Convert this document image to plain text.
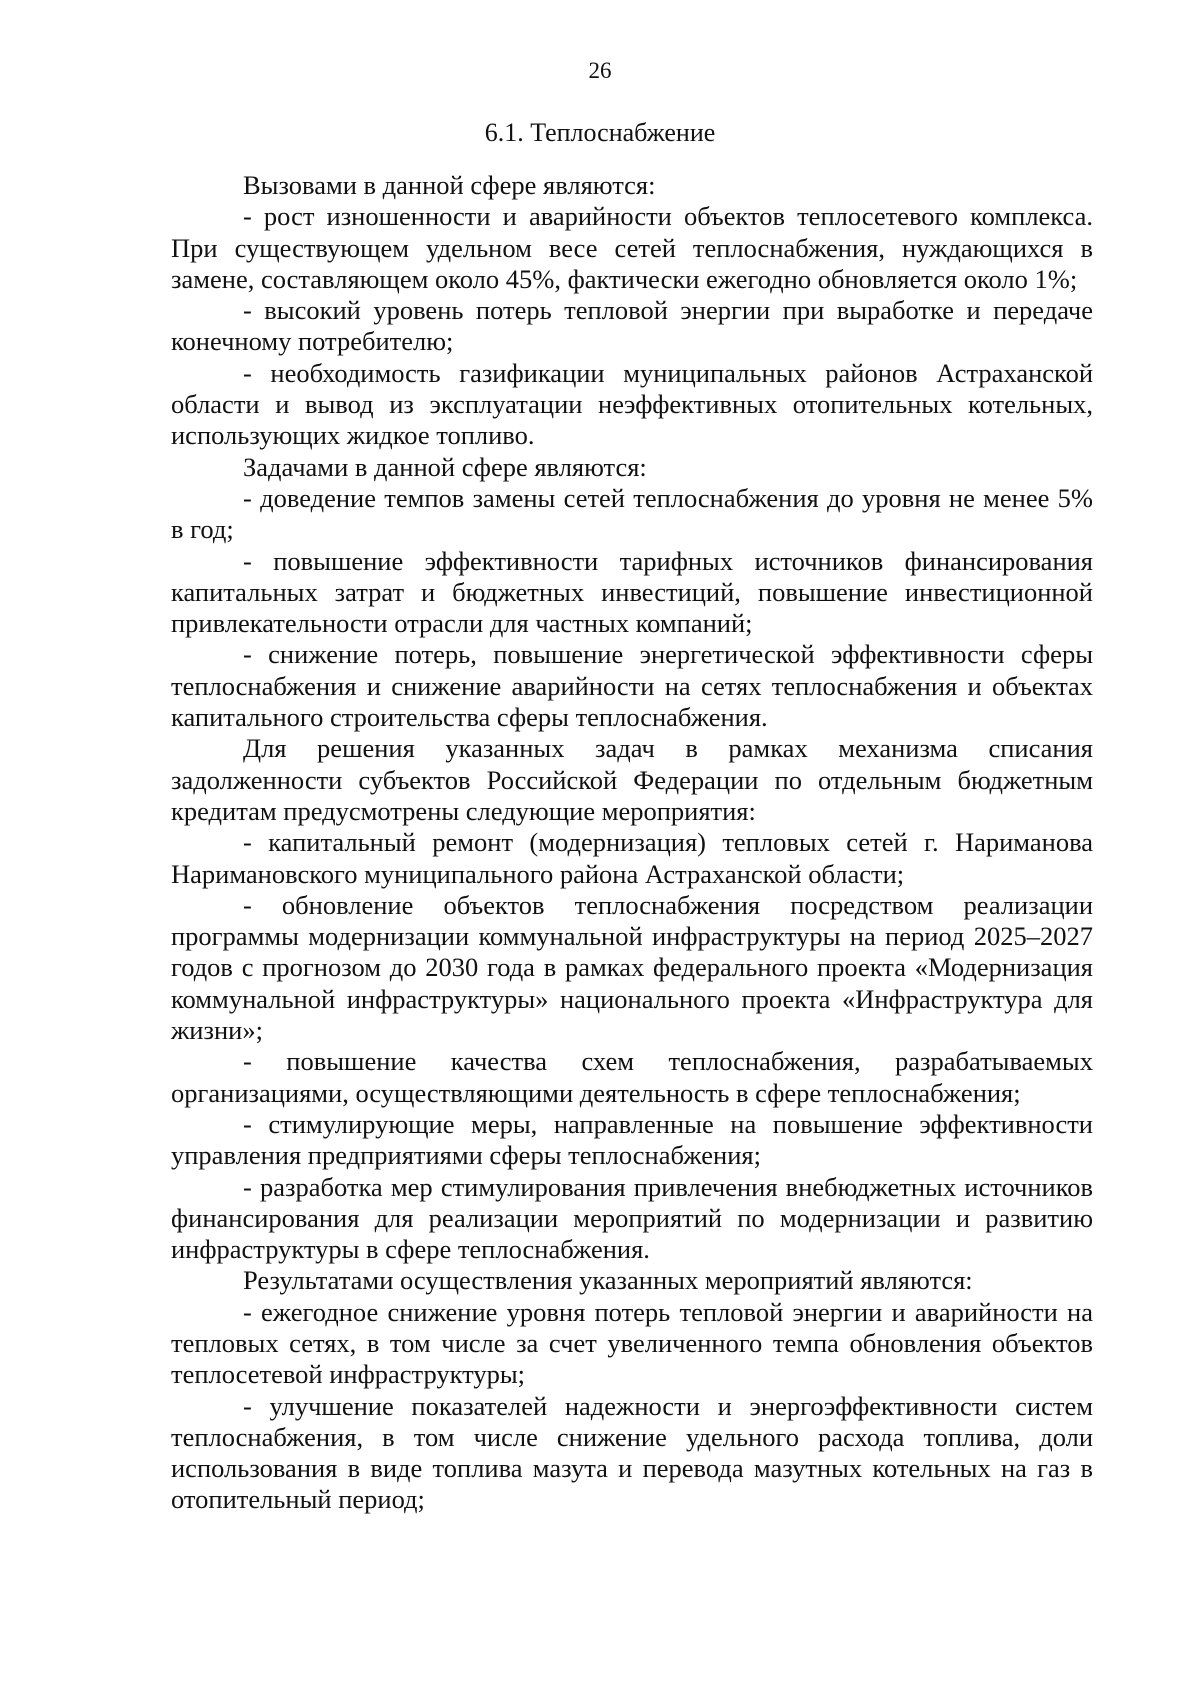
26
6.1. Теплоснабжение

Вызовами в данной сфере являются:

- рост изношенности и аварийности объектов теплосетевого комплекса. При существующем удельном весе сетей теплоснабжения, нуждающихся в замене, составляющем около 45%, фактически ежегодно обновляется около 1%;

- высокий уровень потерь тепловой энергии при выработке и передаче конечному потребителю;

- необходимость газификации муниципальных районов Астраханской области и вывод из эксплуатации неэффективных отопительных котельных, использующих жидкое топливо.

Задачами в данной сфере являются:

- доведение темпов замены сетей теплоснабжения до уровня не менее 5% в год;

- повышение эффективности тарифных источников финансирования капитальных затрат и бюджетных инвестиций, повышение инвестиционной привлекательности отрасли для частных компаний;

- снижение потерь, повышение энергетической эффективности сферы теплоснабжения и снижение аварийности на сетях теплоснабжения и объектах капитального строительства сферы теплоснабжения.

Для решения указанных задач в рамках механизма списания задолженности субъектов Российской Федерации по отдельным бюджетным кредитам предусмотрены следующие мероприятия:

- капитальный ремонт (модернизация) тепловых сетей г. Нариманова Наримановского муниципального района Астраханской области;

- обновление объектов теплоснабжения посредством реализации программы модернизации коммунальной инфраструктуры на период 2025–2027 годов с прогнозом до 2030 года в рамках федерального проекта «Модернизация коммунальной инфраструктуры» национального проекта «Инфраструктура для жизни»;

- повышение качества схем теплоснабжения, разрабатываемых организациями, осуществляющими деятельность в сфере теплоснабжения;

- стимулирующие меры, направленные на повышение эффективности управления предприятиями сферы теплоснабжения;

- разработка мер стимулирования привлечения внебюджетных источников финансирования для реализации мероприятий по модернизации и развитию инфраструктуры в сфере теплоснабжения.

Результатами осуществления указанных мероприятий являются:

- ежегодное снижение уровня потерь тепловой энергии и аварийности на тепловых сетях, в том числе за счет увеличенного темпа обновления объектов теплосетевой инфраструктуры;

- улучшение показателей надежности и энергоэффективности систем теплоснабжения, в том числе снижение удельного расхода топлива, доли использования в виде топлива мазута и перевода мазутных котельных на газ в отопительный период;
